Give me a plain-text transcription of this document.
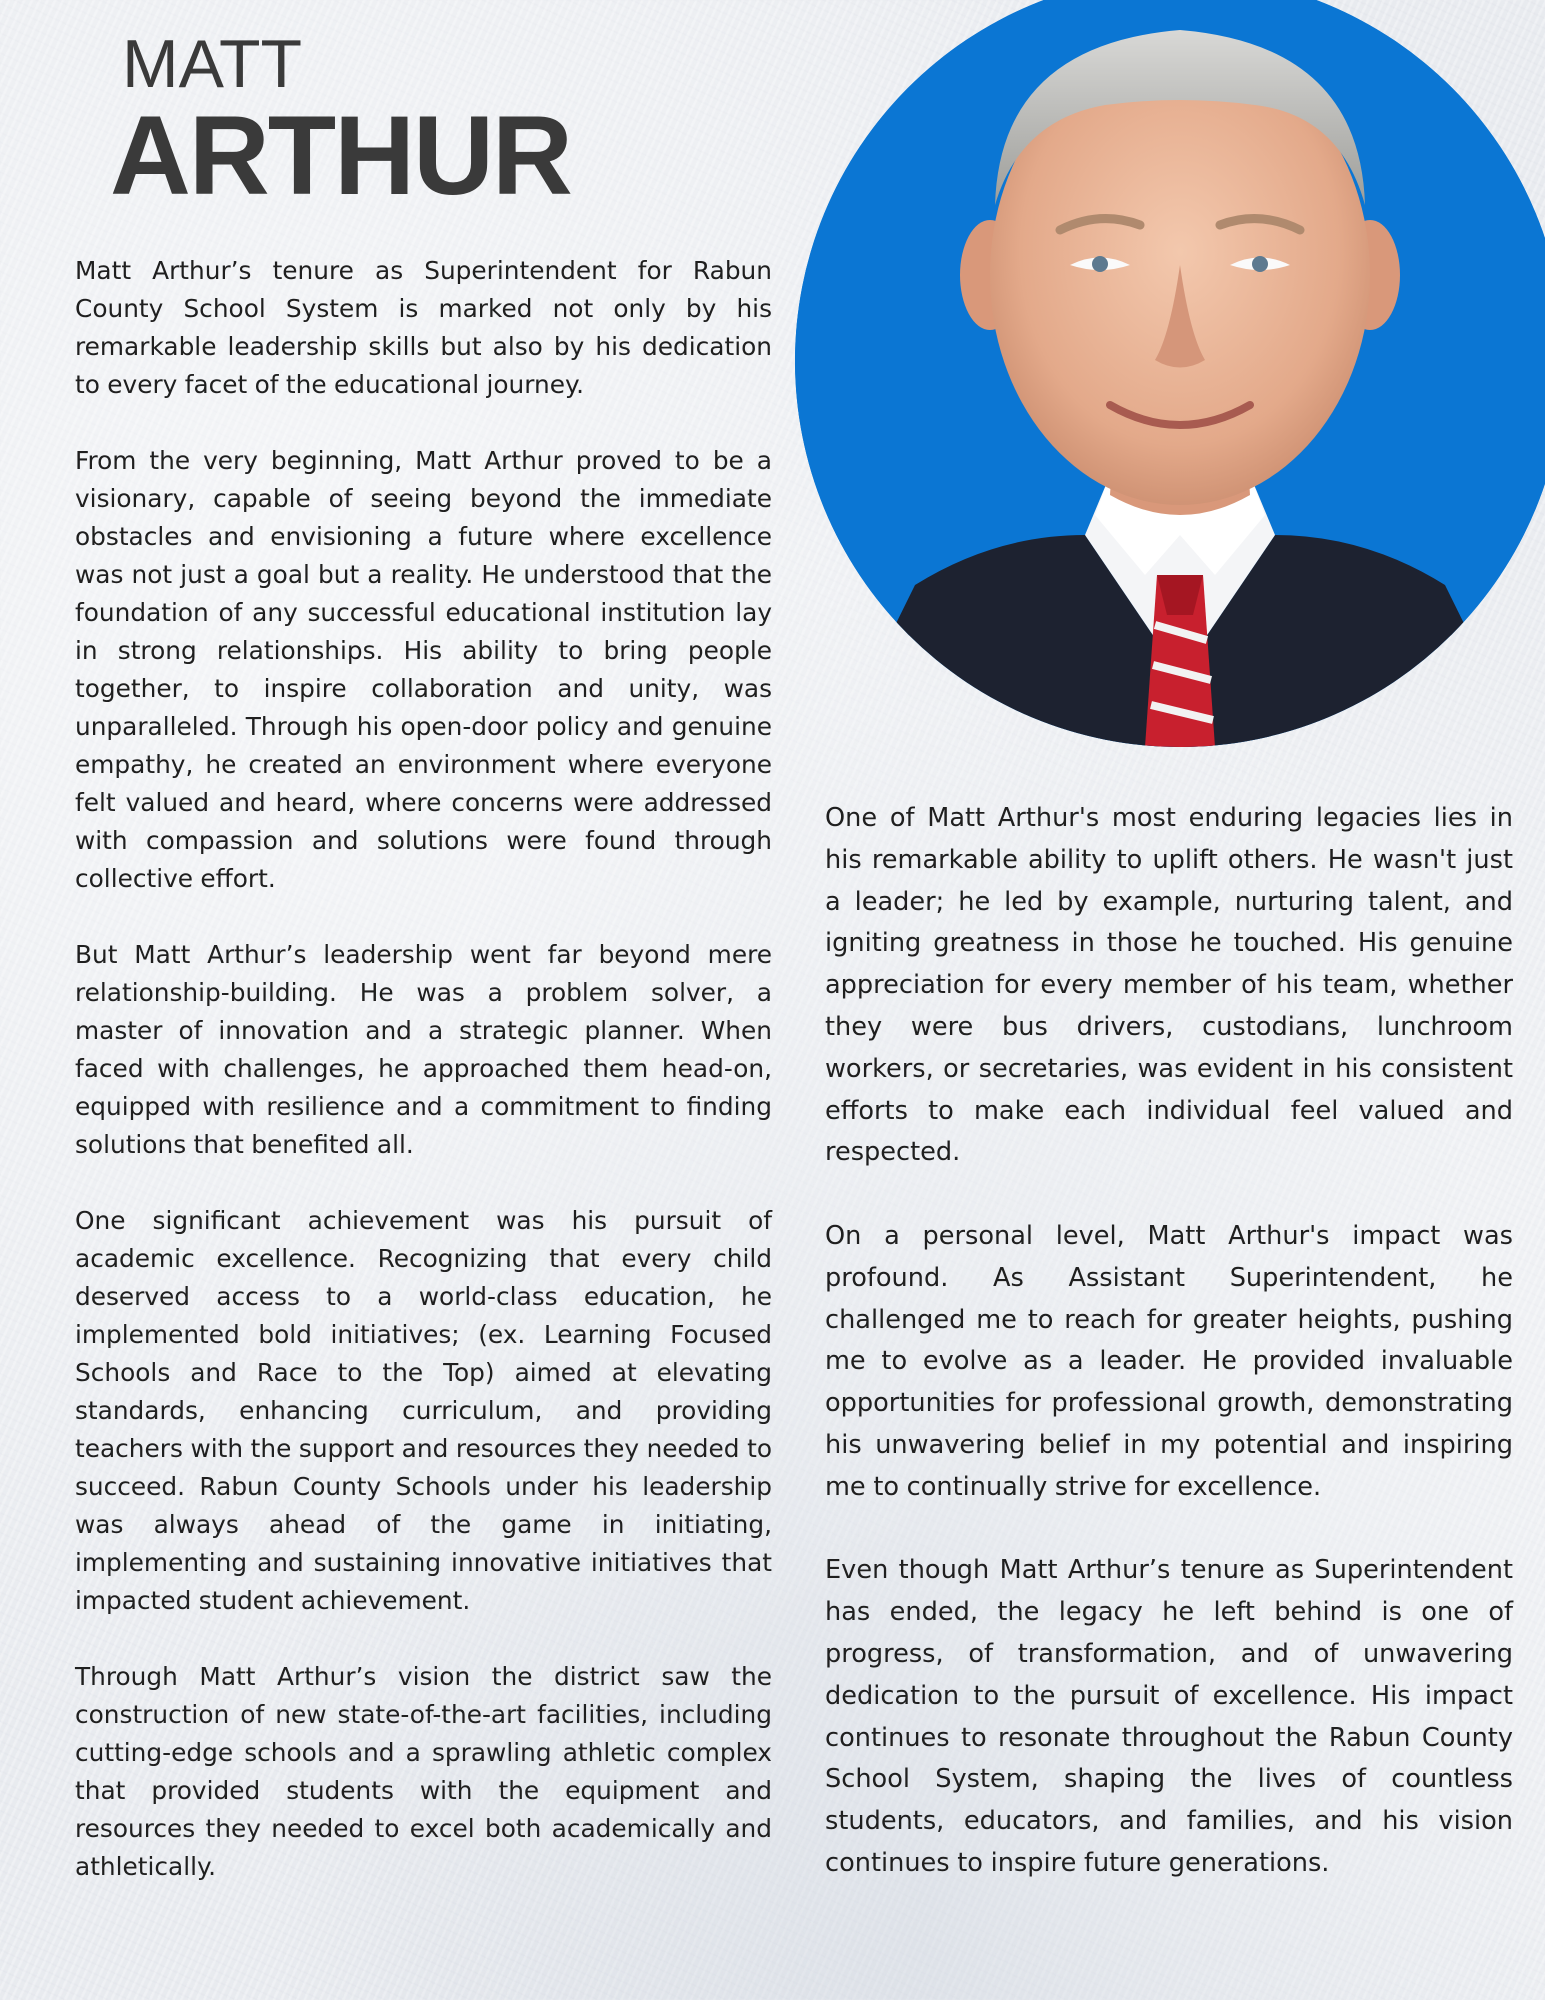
MATT
ARTHUR

Matt Arthur’s tenure as Superintendent for Rabun County School System is marked not only by his remarkable leadership skills but also by his dedication to every facet of the educational journey.

From the very beginning, Matt Arthur proved to be a visionary, capable of seeing beyond the immediate obstacles and envisioning a future where excellence was not just a goal but a reality. He understood that the foundation of any successful educational institution lay in strong relationships. His ability to bring people together, to inspire collaboration and unity, was unparalleled. Through his open-door policy and genuine empathy, he created an environment where everyone felt valued and heard, where concerns were addressed with compassion and solutions were found through collective effort.

But Matt Arthur’s leadership went far beyond mere relationship-building. He was a problem solver, a master of innovation and a strategic planner. When faced with challenges, he approached them head-on, equipped with resilience and a commitment to finding solutions that benefited all.

One significant achievement was his pursuit of academic excellence. Recognizing that every child deserved access to a world-class education, he implemented bold initiatives; (ex. Learning Focused Schools and Race to the Top) aimed at elevating standards, enhancing curriculum, and providing teachers with the support and resources they needed to succeed. Rabun County Schools under his leadership was always ahead of the game in initiating, implementing and sustaining innovative initiatives that impacted student achievement.

Through Matt Arthur’s vision the district saw the construction of new state-of-the-art facilities, including cutting-edge schools and a sprawling athletic complex that provided students with the equipment and resources they needed to excel both academically and athletically.

One of Matt Arthur's most enduring legacies lies in his remarkable ability to uplift others. He wasn't just a leader; he led by example, nurturing talent, and igniting greatness in those he touched. His genuine appreciation for every member of his team, whether they were bus drivers, custodians, lunchroom workers, or secretaries, was evident in his consistent efforts to make each individual feel valued and respected.

On a personal level, Matt Arthur's impact was profound. As Assistant Superintendent, he challenged me to reach for greater heights, pushing me to evolve as a leader. He provided invaluable opportunities for professional growth, demonstrating his unwavering belief in my potential and inspiring me to continually strive for excellence.

Even though Matt Arthur’s tenure as Superintendent has ended, the legacy he left behind is one of progress, of transformation, and of unwavering dedication to the pursuit of excellence. His impact continues to resonate throughout the Rabun County School System, shaping the lives of countless students, educators, and families, and his vision continues to inspire future generations.
